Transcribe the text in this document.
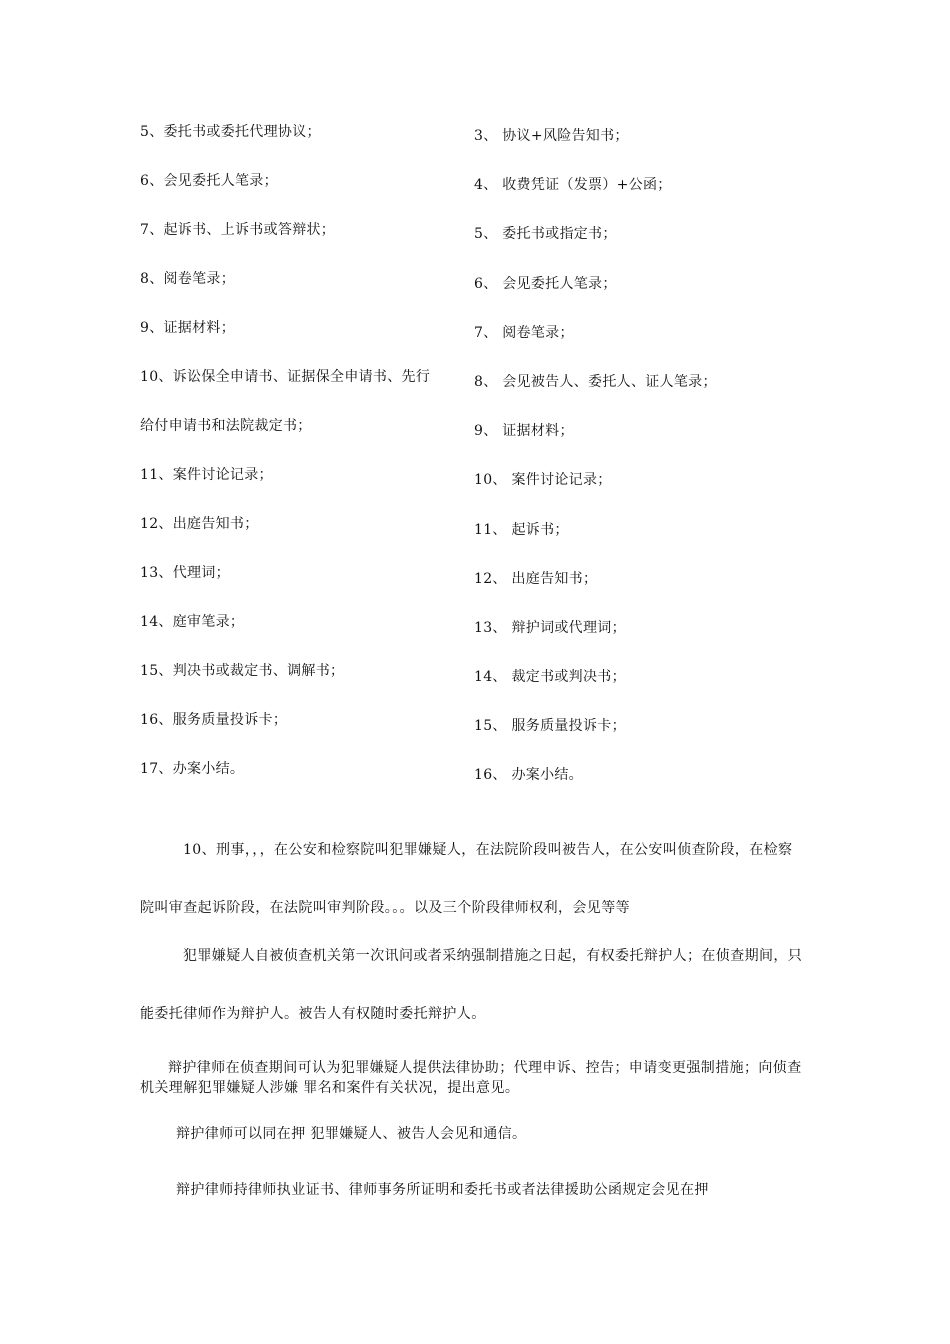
5、委托书或委托代理协议；
6、会见委托人笔录；
7、起诉书、上诉书或答辩状；
8、阅卷笔录；
9、证据材料；
10、诉讼保全申请书、证据保全申请书、先行
给付申请书和法院裁定书；
11、案件讨论记录；
12、出庭告知书；
13、代理词；
14、庭审笔录；
15、判决书或裁定书、调解书；
16、服务质量投诉卡；
17、办案小结。
3、 协议+风险告知书；
4、 收费凭证（发票）+公函；
5、 委托书或指定书；
6、 会见委托人笔录；
7、 阅卷笔录；
8、 会见被告人、委托人、证人笔录；
9、 证据材料；
10、 案件讨论记录；
11、 起诉书；
12、 出庭告知书；
13、 辩护词或代理词；
14、 裁定书或判决书；
15、 服务质量投诉卡；
16、 办案小结。

10、刑事，，，在公安和检察院叫犯罪嫌疑人，在法院阶段叫被告人，在公安叫侦查阶段，在检察院叫审查起诉阶段，在法院叫审判阶段。。。以及三个阶段律师权利，会见等等

犯罪嫌疑人自被侦查机关第一次讯问或者采纳强制措施之日起，有权委托辩护人；在侦查期间，只能委托律师作为辩护人。被告人有权随时委托辩护人。

辩护律师在侦查期间可认为犯罪嫌疑人提供法律协助；代理申诉、控告；申请变更强制措施；向侦查机关理解犯罪嫌疑人涉嫌 罪名和案件有关状况，提出意见。

辩护律师可以同在押 犯罪嫌疑人、被告人会见和通信。

辩护律师持律师执业证书、律师事务所证明和委托书或者法律援助公函规定会见在押
